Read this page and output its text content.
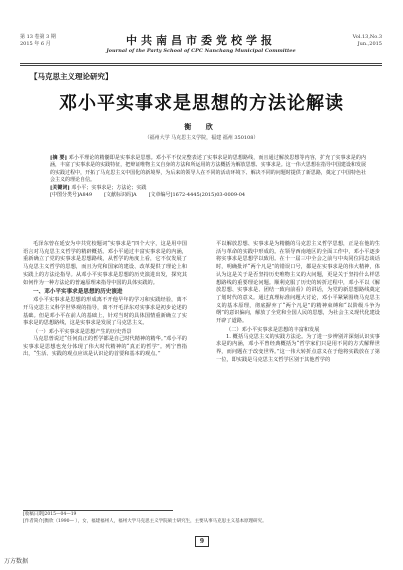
第 13 卷第 3 期
2015 年 6 月	中共南昌市委党校学报
Journal of the Party School of CPC Nanchang Municipal Committee
Vol.13,No.3
Jun.,2015
【马克思主义理论研究】
邓小平实事求是思想的方法论解读
衡 欣
（福州大学 马克思主义学院，福建 福州 350108）
[摘 要] 邓小平理论的精髓即是实事求是思想。邓小平不仅完整表述了实事求是的思想路线，而且通过解放思想等内容，扩充了实事求是的内涵，丰富了实事求是的实践特征，把辩证唯物主义自身的方法和所运用的方法概括为解放思想、实事求是。这一伟大思想在指导中国建设和发展的实践过程中，开拓了马克思主义中国化的新境界，为后来的领导人在不同的活动环境下、解决不同的问题时提供了新思路，奠定了中国特色社会主义的理论自信。
[关键词] 邓小平；实事求是；方法论；实践
[中图分类号]A849 [文献标识码]A [文章编号]1672-4445(2015)03-0009-04

毛泽东曾在延安为中共党校题词“实事求是”四个大字，这是用中国语言对马克思主义哲学的精辟概括。邓小平通过丰富实事求是的内涵，重新确立了党的实事求是思想路线，从哲学的角度上看，它不仅发展了马克思主义哲学的思想，而且为党和国家的建设、改革提供了理论上和实践上的方法论指导。从邓小平实事求是思想的历史演进出发，探究其如何作为一种方法论的普遍原理来指导中国的具体实践的。

一、邓小平实事求是思想的历史演进

邓小平实事求是思想的形成离不开他早年的学习和实践经验，离不开马克思主义科学世界观的指导，离不开毛泽东对实事求是初步论述的基础。但是邓小平在前人的基础上，针对当时的具体国情重新确立了实事求是的思想路线，这是实事求是发展了马克思主义。

（一）邓小平实事求是思想产生的历史背景

马克思曾说过“任何真正的哲学都是自己时代精神的精华。”邓小平的实事求是思想也充分体现了伟大时代精神的“真正的哲学”。列宁曾指出，“生活、实践的观点应该是认识论的首要和基本的观点。”

平以解放思想、实事求是为精髓的马克思主义哲学思想，正是在他的生活与革命的实践中形成的。在领导西南地区的全面工作中，邓小平逐步将实事求是思想学以致用。在十一届三中全会之前与中央同位同志谈话时，明确批评“两个凡是”的错误口号，都是在实事求是的伟大精神，体认为这是关于是否坚持历史唯物主义的大问题，更是关于坚持什么样思想路线的重要理论问题。顺利克服了历史的转折过程中，邓小平以《解放思想、实事求是、团结一致向前看》的讲话，为党的新思想路线奠定了划时代的意义。通过真理标准问题大讨论，邓小平紧紧围绕马克思主义的基本原理，彻底摒弃了“两个凡是”的精神束缚和“以阶级斗争为纲”的意识偏向，解放了全党和全国人民的思想，为社会主义现代化建设开辟了道路。

（二）邓小平实事求是思想的丰富和发展

1. 概括马克思主义的实践方法论。为了进一步辨别并深刻认识实事求是的内涵，邓小平曾经典概括为“哲学家们只是用不同的方式解释世界，而问题在于改变世界。”这一伟大转折点意义在于他将实践放在了第一位，即实践是马克思主义哲学区别于其他哲学的

[收稿日期]2015—04—19
[作者简介]衡欣（1990— ），女，福建福州人，福州大学马克思主义学院硕士研究生，主要从事马克思主义基本原理研究。
9
万方数据
